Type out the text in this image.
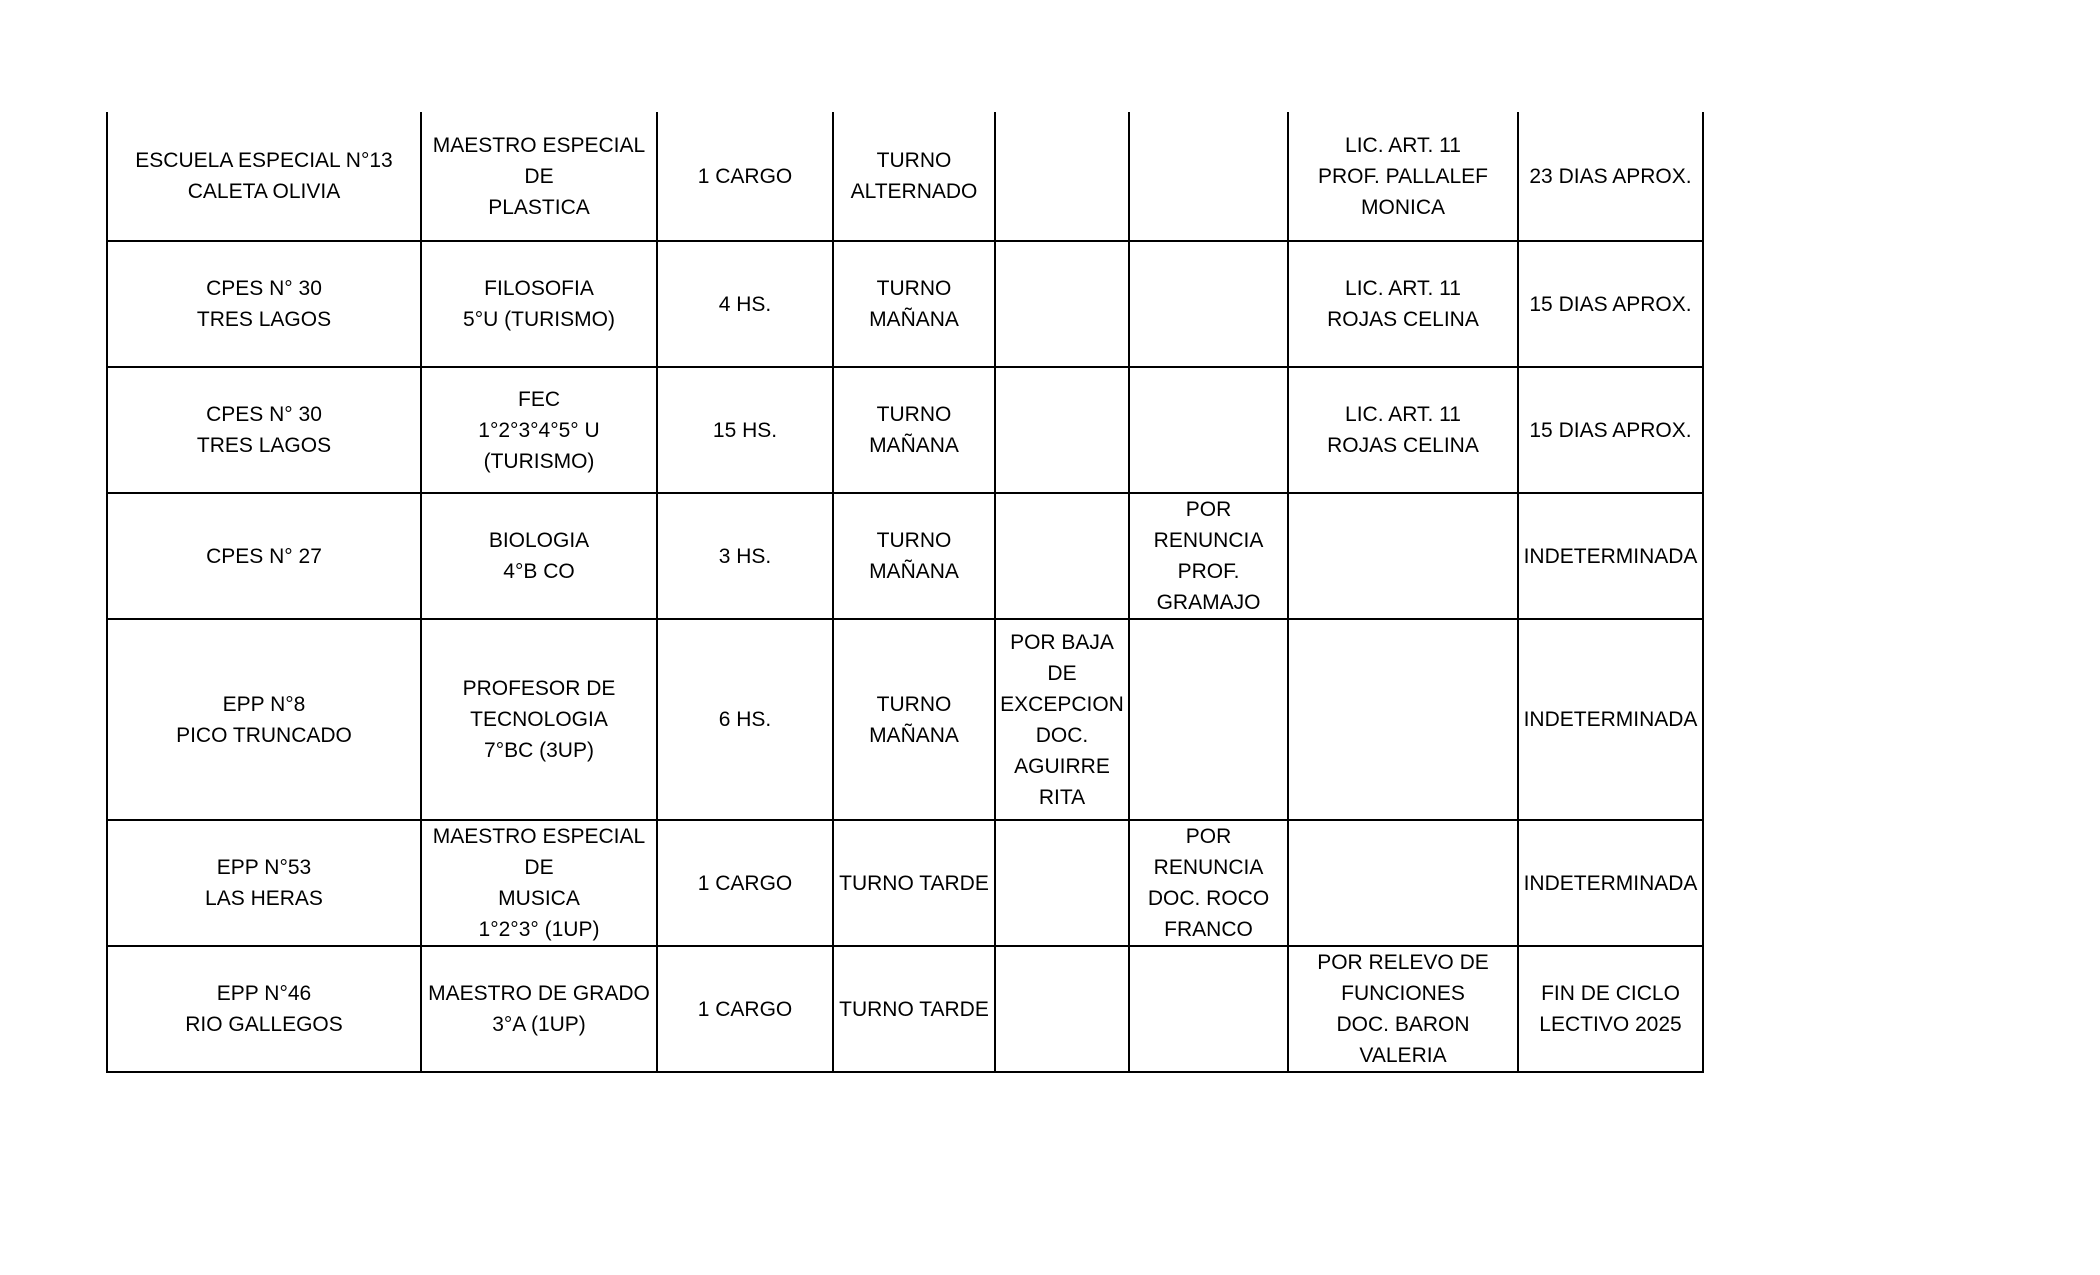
ESCUELA ESPECIAL N°13
CALETA OLIVIA	MAESTRO ESPECIAL DE
PLASTICA	1 CARGO	TURNO
ALTERNADO			LIC. ART. 11
PROF. PALLALEF
MONICA	23 DIAS APROX.
CPES N° 30
TRES LAGOS	FILOSOFIA
5°U (TURISMO)	4 HS.	TURNO
MAÑANA			LIC. ART. 11
ROJAS CELINA	15 DIAS APROX.
CPES N° 30
TRES LAGOS	FEC
1°2°3°4°5° U
(TURISMO)	15 HS.	TURNO
MAÑANA			LIC. ART. 11
ROJAS CELINA	15 DIAS APROX.
CPES N° 27	BIOLOGIA
4°B CO	3 HS.	TURNO
MAÑANA		POR RENUNCIA
PROF.
GRAMAJO		INDETERMINADA
EPP N°8
PICO TRUNCADO	PROFESOR DE
TECNOLOGIA
7°BC (3UP)	6 HS.	TURNO
MAÑANA	POR BAJA DE
EXCEPCION
DOC.
AGUIRRE
RITA			INDETERMINADA
EPP N°53
LAS HERAS	MAESTRO ESPECIAL DE
MUSICA
1°2°3° (1UP)	1 CARGO	TURNO TARDE		POR RENUNCIA
DOC. ROCO
FRANCO		INDETERMINADA
EPP N°46
RIO GALLEGOS	MAESTRO DE GRADO
3°A (1UP)	1 CARGO	TURNO TARDE			POR RELEVO DE
FUNCIONES
DOC. BARON VALERIA	FIN DE CICLO
LECTIVO 2025
